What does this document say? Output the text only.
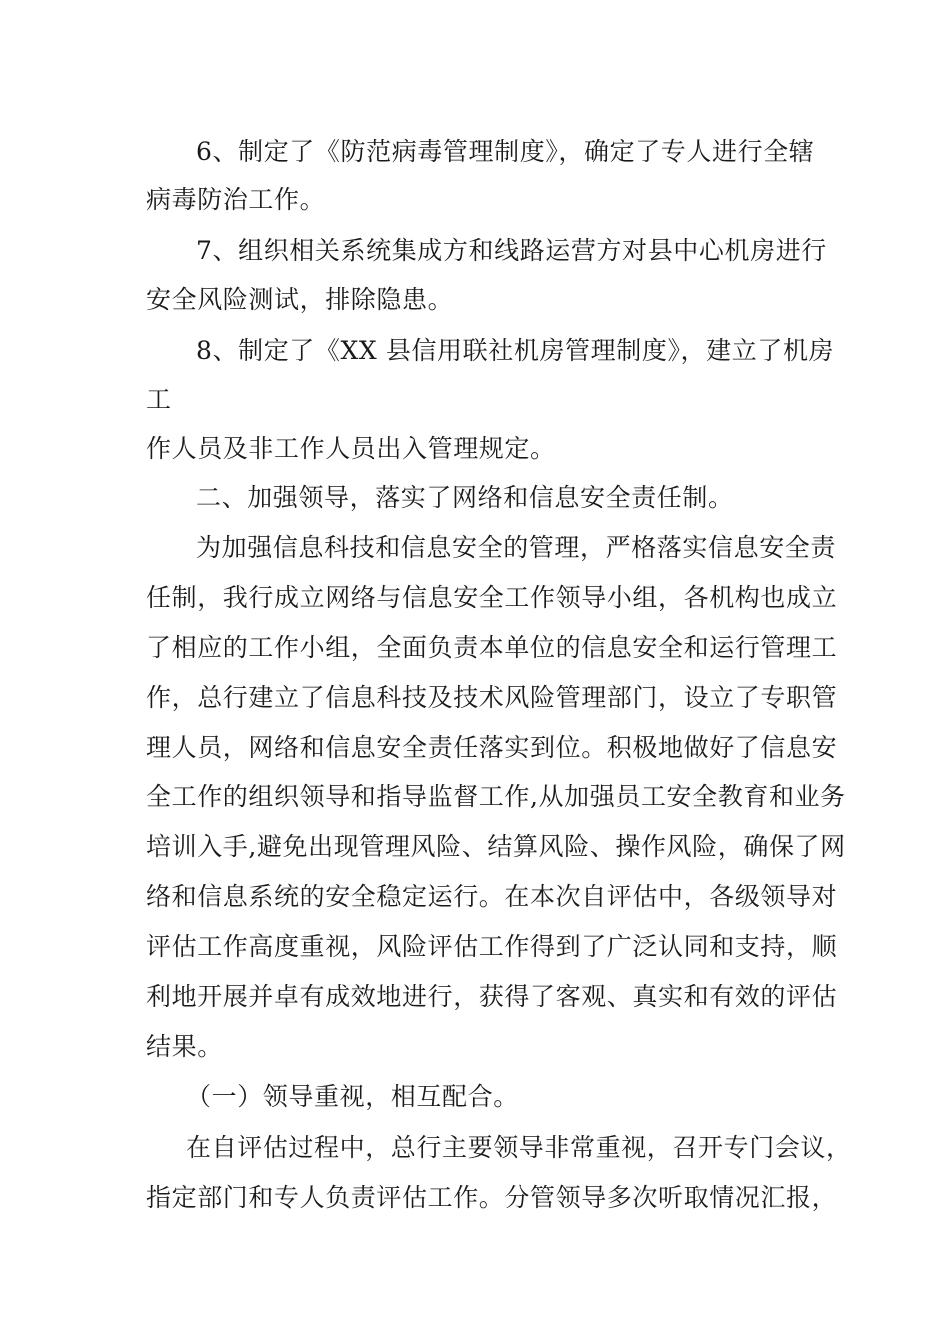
6、制定了《防范病毒管理制度》，确定了专人进行全辖
病毒防治工作。
7、组织相关系统集成方和线路运营方对县中心机房进行
安全风险测试，排除隐患。
8、制定了《XX 县信用联社机房管理制度》，建立了机房
工
作人员及非工作人员出入管理规定。
二、加强领导，落实了网络和信息安全责任制。
为加强信息科技和信息安全的管理，严格落实信息安全责
任制，我行成立网络与信息安全工作领导小组，各机构也成立
了相应的工作小组，全面负责本单位的信息安全和运行管理工
作，总行建立了信息科技及技术风险管理部门，设立了专职管
理人员，网络和信息安全责任落实到位。积极地做好了信息安
全工作的组织领导和指导监督工作,从加强员工安全教育和业务
培训入手,避免出现管理风险、结算风险、操作风险，确保了网
络和信息系统的安全稳定运行。在本次自评估中，各级领导对
评估工作高度重视，风险评估工作得到了广泛认同和支持，顺
利地开展并卓有成效地进行，获得了客观、真实和有效的评估
结果。
（一）领导重视，相互配合。
在自评估过程中，总行主要领导非常重视，召开专门会议，
指定部门和专人负责评估工作。分管领导多次听取情况汇报，
